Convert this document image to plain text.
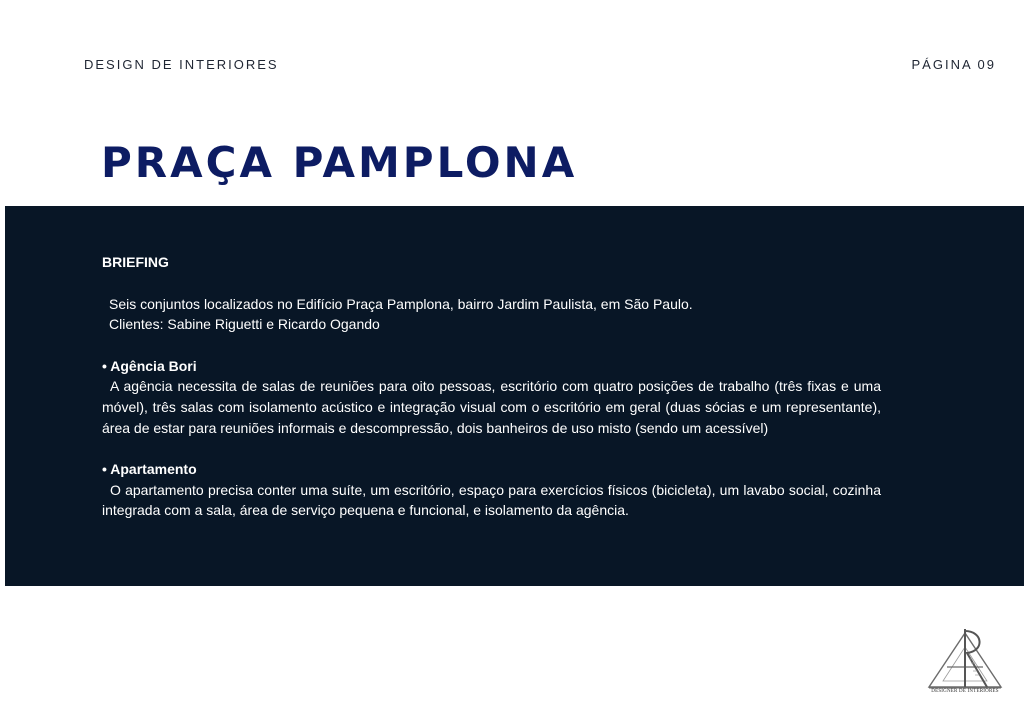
DESIGN DE INTERIORES	PÁGINA 09
PRAÇA PAMPLONA

BRIEFING

Seis conjuntos localizados no Edifício Praça Pamplona, bairro Jardim Paulista, em São Paulo.

Clientes: Sabine Riguetti e Ricardo Ogando

• Agência Bori

A agência necessita de salas de reuniões para oito pessoas, escritório com quatro posições de trabalho (três fixas e uma móvel), três salas com isolamento acústico e integração visual com o escritório em geral (duas sócias e um representante), área de estar para reuniões informais e descompressão, dois banheiros de uso misto (sendo um acessível)

• Apartamento

O apartamento precisa conter uma suíte, um escritório, espaço para exercícios físicos (bicicleta), um lavabo social, cozinha integrada com a sala, área de serviço pequena e funcional, e isolamento da agência.

DESIGNER DE INTERIORES
